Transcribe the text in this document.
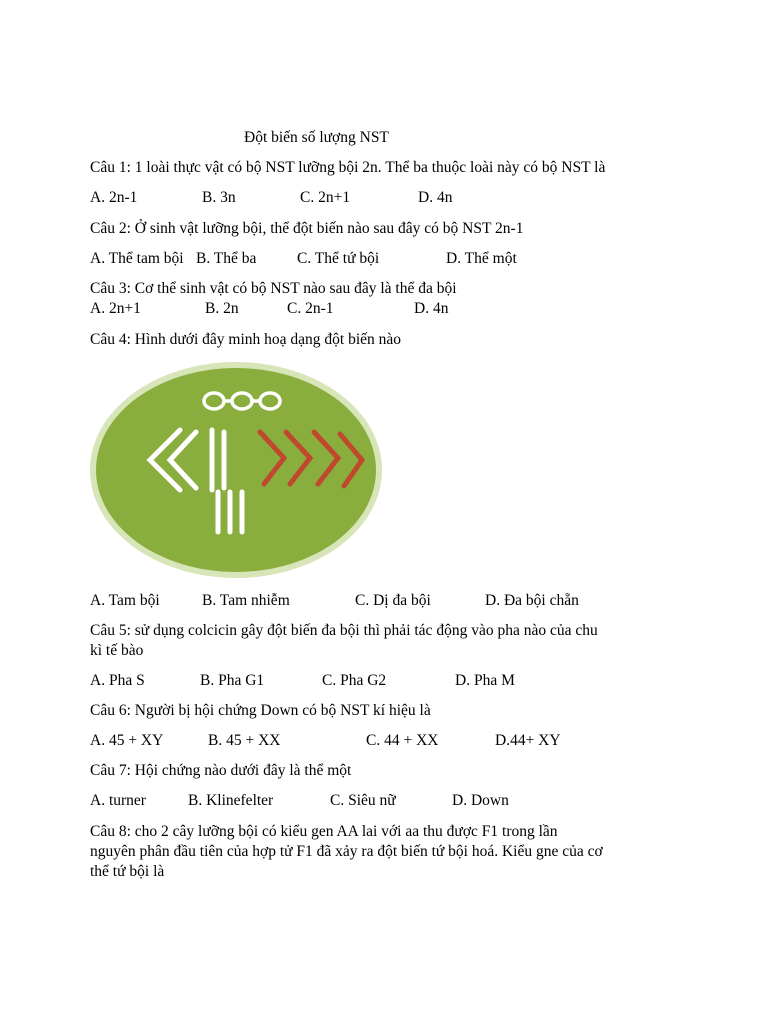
Đột biến số lượng NST
Câu 1: 1 loài thực vật có bộ NST lưỡng bội 2n. Thể ba thuộc loài này có bộ NST là
A. 2n-1	B. 3n	C. 2n+1	D. 4n
Câu 2: Ở sinh vật lưỡng bội, thể đột biến nào sau đây có bộ NST 2n-1
A. Thể tam bội B. Thể ba	C. Thể tứ bội	D. Thể một
Câu 3: Cơ thể sinh vật có bộ NST nào sau đây là thể đa bội
A. 2n+1	B. 2n	C. 2n-1	D. 4n
Câu 4: Hình dưới đây minh hoạ dạng đột biến nào
A. Tam bội	B. Tam nhiễm	C. Dị đa bội	D. Đa bội chẵn
Câu 5: sử dụng colcicin gây đột biến đa bội thì phải tác động vào pha nào của chu
kì tế bào
A. Pha S	B. Pha G1	C. Pha G2	D. Pha M
Câu 6: Người bị hội chứng Down có bộ NST kí hiệu là
A. 45 + XY	B. 45 + XX	C. 44 + XX	D.44+ XY
Câu 7: Hội chứng nào dưới đây là thể một
A. turner	B. Klinefelter	C. Siêu nữ	D. Down
Câu 8: cho 2 cây lưỡng bội có kiểu gen AA lai với aa thu được F1 trong lần
nguyên phân đầu tiên của hợp tử F1 đã xảy ra đột biến tứ bội hoá. Kiểu gne của cơ
thể tứ bội là
